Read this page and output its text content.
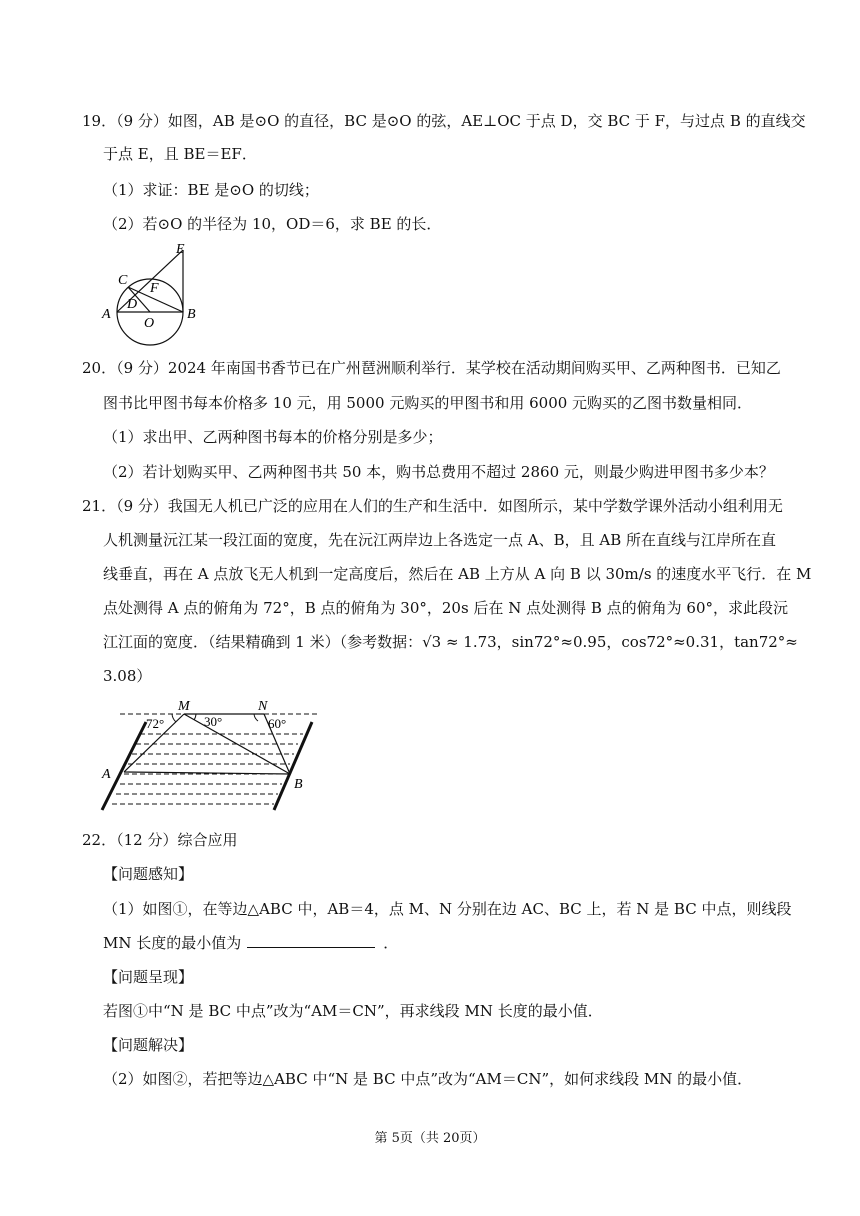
19．（9 分）如图，AB 是⊙O 的直径，BC 是⊙O 的弦，AE⊥OC 于点 D，交 BC 于 F，与过点 B 的直线交
于点 E，且 BE＝EF．
（1）求证：BE 是⊙O 的切线；
（2）若⊙O 的半径为 10，OD＝6，求 BE 的长．
E
C
F
D
A
O
B
20．（9 分）2024 年南国书香节已在广州琶洲顺利举行．某学校在活动期间购买甲、乙两种图书．已知乙
图书比甲图书每本价格多 10 元，用 5000 元购买的甲图书和用 6000 元购买的乙图书数量相同．
（1）求出甲、乙两种图书每本的价格分别是多少；
（2）若计划购买甲、乙两种图书共 50 本，购书总费用不超过 2860 元，则最少购进甲图书多少本？
21．（9 分）我国无人机已广泛的应用在人们的生产和生活中．如图所示，某中学数学课外活动小组利用无
人机测量沅江某一段江面的宽度，先在沅江两岸边上各选定一点 A、B，且 AB 所在直线与江岸所在直
线垂直，再在 A 点放飞无人机到一定高度后，然后在 AB 上方从 A 向 B 以 30m/s 的速度水平飞行．在 M
点处测得 A 点的俯角为 72°，B 点的俯角为 30°，20s 后在 N 点处测得 B 点的俯角为 60°，求此段沅
江江面的宽度．（结果精确到 1 米）（参考数据：√3 ≈ 1.73，sin72°≈0.95，cos72°≈0.31，tan72°≈
3.08）
M	N
72°	30°	60°
A
B
22．（12 分）综合应用
【问题感知】
（1）如图①，在等边△ABC 中，AB＝4，点 M、N 分别在边 AC、BC 上，若 N 是 BC 中点，则线段
MN 长度的最小值为	．
【问题呈现】
若图①中“N 是 BC 中点”改为“AM＝CN”，再求线段 MN 长度的最小值．
【问题解决】
（2）如图②，若把等边△ABC 中“N 是 BC 中点”改为“AM＝CN”，如何求线段 MN 的最小值．
第 5页（共 20页）
